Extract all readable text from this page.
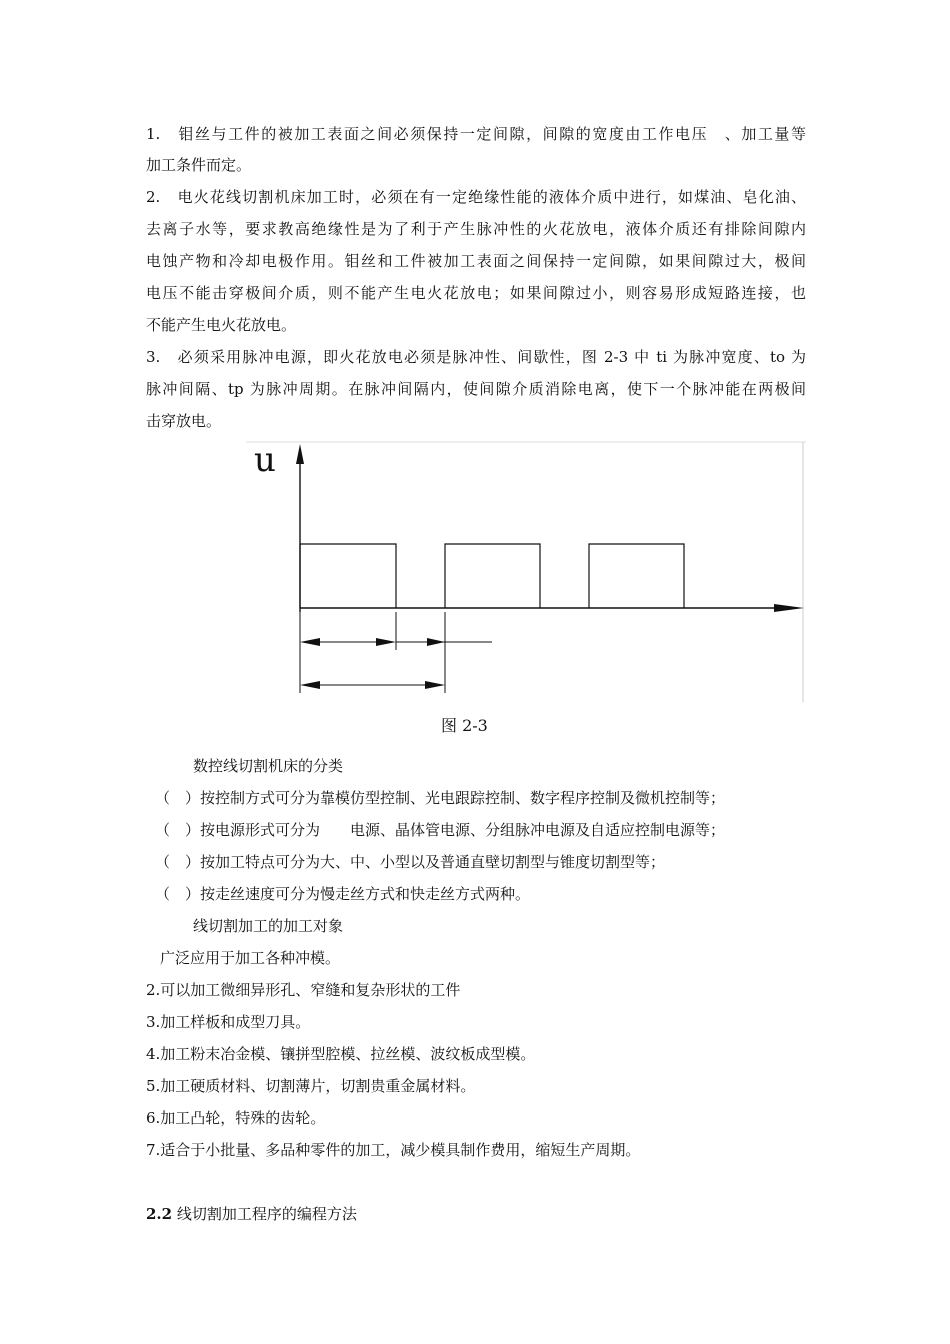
1.　钼丝与工件的被加工表面之间必须保持一定间隙，间隙的宽度由工作电压　、加工量等
加工条件而定。
2.　电火花线切割机床加工时，必须在有一定绝缘性能的液体介质中进行，如煤油、皂化油、
去离子水等，要求教高绝缘性是为了利于产生脉冲性的火花放电，液体介质还有排除间隙内
电蚀产物和冷却电极作用。钼丝和工件被加工表面之间保持一定间隙，如果间隙过大，极间
电压不能击穿极间介质，则不能产生电火花放电；如果间隙过小，则容易形成短路连接，也
不能产生电火花放电。
3.　必须采用脉冲电源，即火花放电必须是脉冲性、间歇性，图 2-3 中 ti 为脉冲宽度、to 为
脉冲间隔、tp 为脉冲周期。在脉冲间隔内，使间隙介质消除电离，使下一个脉冲能在两极间
击穿放电。
u
图 2-3
数控线切割机床的分类
（　）按控制方式可分为靠模仿型控制、光电跟踪控制、数字程序控制及微机控制等；
（　）按电源形式可分为　　电源、晶体管电源、分组脉冲电源及自适应控制电源等；
（　）按加工特点可分为大、中、小型以及普通直壁切割型与锥度切割型等；
（　）按走丝速度可分为慢走丝方式和快走丝方式两种。
线切割加工的加工对象
广泛应用于加工各种冲模。
2.可以加工微细异形孔、窄缝和复杂形状的工件
3.加工样板和成型刀具。
4.加工粉末冶金模、镶拼型腔模、拉丝模、波纹板成型模。
5.加工硬质材料、切割薄片，切割贵重金属材料。
6.加工凸轮，特殊的齿轮。
7.适合于小批量、多品种零件的加工，减少模具制作费用，缩短生产周期。
2.2 线切割加工程序的编程方法
